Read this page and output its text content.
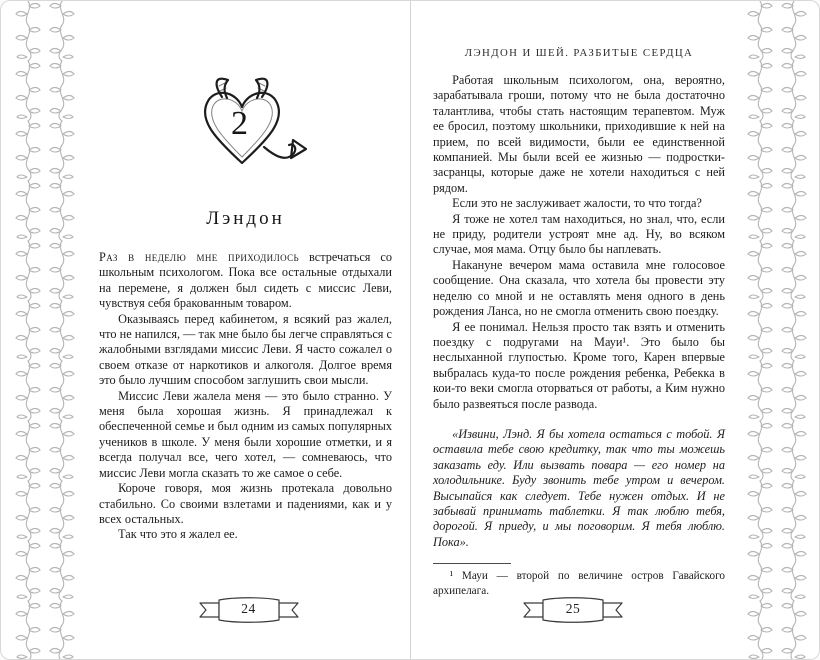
2
Лэндон

Раз в неделю мне приходилось встречаться со школьным психологом. Пока все остальные отдыхали на перемене, я должен был сидеть с миссис Леви, чувствуя себя бракованным товаром.

Оказываясь перед кабинетом, я всякий раз жалел, что не напился, — так мне было бы легче справляться с жалобными взглядами миссис Леви. Я часто сожалел о своем отказе от наркотиков и алкоголя. Долгое время это было лучшим способом заглушить свои мысли.

Миссис Леви жалела меня — это было странно. У меня была хорошая жизнь. Я принадлежал к обеспеченной семье и был одним из самых популярных учеников в школе. У меня были хорошие отметки, и я всегда получал все, чего хотел, — сомневаюсь, что миссис Леви могла сказать то же самое о себе.

Короче говоря, моя жизнь протекала довольно стабильно. Со своими взлетами и падениями, как и у всех остальных.

Так что это я жалел ее.

24
ЛЭНДОН И ШЕЙ. РАЗБИТЫЕ СЕРДЦА

Работая школьным психологом, она, вероятно, зарабатывала гроши, потому что не была достаточно талантлива, чтобы стать настоящим терапевтом. Муж ее бросил, поэтому школьники, приходившие к ней на прием, по всей видимости, были ее единственной компанией. Мы были всей ее жизнью — подростки-засранцы, которые даже не хотели находиться с ней рядом.

Если это не заслуживает жалости, то что тогда?

Я тоже не хотел там находиться, но знал, что, если не приду, родители устроят мне ад. Ну, во всяком случае, моя мама. Отцу было бы наплевать.

Накануне вечером мама оставила мне голосовое сообщение. Она сказала, что хотела бы провести эту неделю со мной и не оставлять меня одного в день рождения Ланса, но не смогла отменить свою поездку.

Я ее понимал. Нельзя просто так взять и отменить поездку с подругами на Мауи¹. Это было бы неслыханной глупостью. Кроме того, Карен впервые выбралась куда-то после рождения ребенка, Ребекка в кои-то веки смогла оторваться от работы, а Ким нужно было развеяться после развода.

«Извини, Лэнд. Я бы хотела остаться с тобой. Я оставила тебе свою кредитку, так что ты можешь заказать еду. Или вызвать повара — его номер на холодильнике. Буду звонить тебе утром и вечером. Высыпайся как следует. Тебе нужен отдых. И не забывай принимать таблетки. Я так люблю тебя, дорогой. Я приеду, и мы поговорим. Я тебя люблю. Пока».

¹ Мауи — второй по величине остров Гавайского архипелага.

25
